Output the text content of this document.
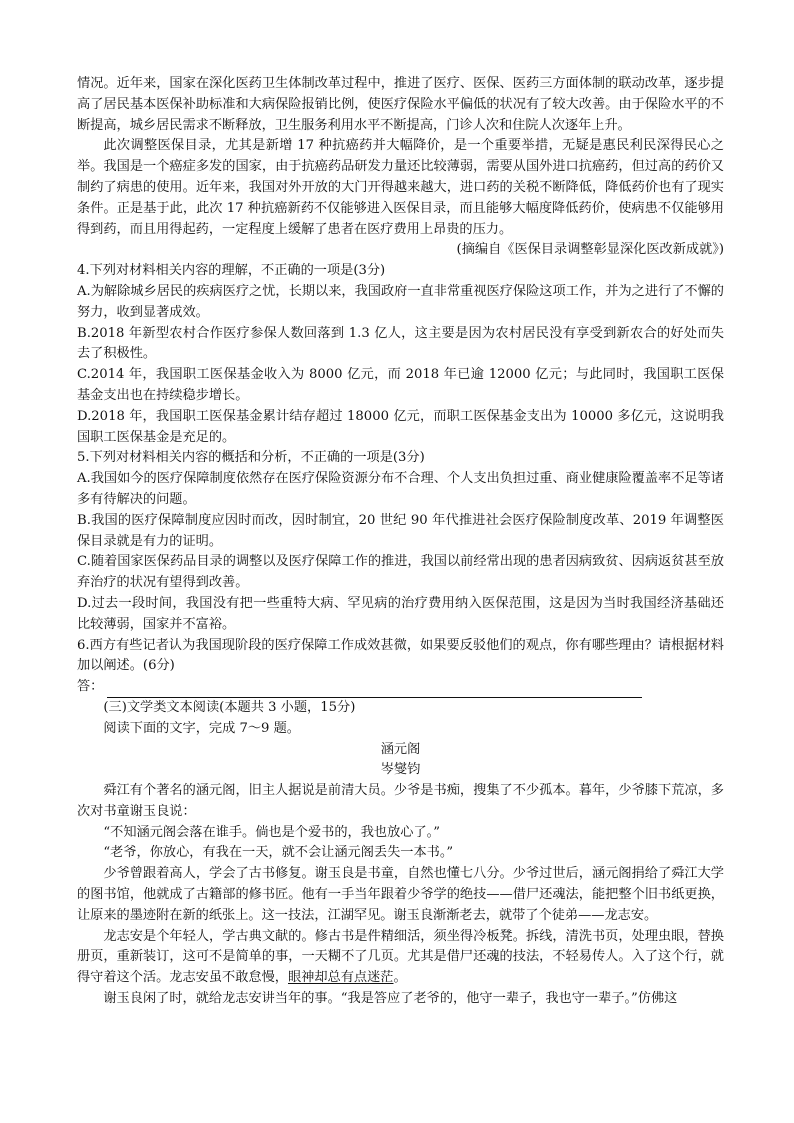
情况。近年来，国家在深化医药卫生体制改革过程中，推进了医疗、医保、医药三方面体制的联动改革，逐步提高了居民基本医保补助标准和大病保险报销比例，使医疗保险水平偏低的状况有了较大改善。由于保险水平的不断提高，城乡居民需求不断释放，卫生服务利用水平不断提高，门诊人次和住院人次逐年上升。

此次调整医保目录，尤其是新增 17 种抗癌药并大幅降价，是一个重要举措，无疑是惠民利民深得民心之举。我国是一个癌症多发的国家，由于抗癌药品研发力量还比较薄弱，需要从国外进口抗癌药，但过高的药价又制约了病患的使用。近年来，我国对外开放的大门开得越来越大，进口药的关税不断降低，降低药价也有了现实条件。正是基于此，此次 17 种抗癌新药不仅能够进入医保目录，而且能够大幅度降低药价，使病患不仅能够用得到药，而且用得起药，一定程度上缓解了患者在医疗费用上昂贵的压力。

(摘编自《医保目录调整彰显深化医改新成就》)

4.下列对材料相关内容的理解，不正确的一项是(3分)

A.为解除城乡居民的疾病医疗之忧，长期以来，我国政府一直非常重视医疗保险这项工作，并为之进行了不懈的努力，收到显著成效。

B.2018 年新型农村合作医疗参保人数回落到 1.3 亿人，这主要是因为农村居民没有享受到新农合的好处而失去了积极性。

C.2014 年，我国职工医保基金收入为 8000 亿元，而 2018 年已逾 12000 亿元；与此同时，我国职工医保基金支出也在持续稳步增长。

D.2018 年，我国职工医保基金累计结存超过 18000 亿元，而职工医保基金支出为 10000 多亿元，这说明我国职工医保基金是充足的。

5.下列对材料相关内容的概括和分析，不正确的一项是(3分)

A.我国如今的医疗保障制度依然存在医疗保险资源分布不合理、个人支出负担过重、商业健康险覆盖率不足等诸多有待解决的问题。

B.我国的医疗保障制度应因时而改，因时制宜，20 世纪 90 年代推进社会医疗保险制度改革、2019 年调整医保目录就是有力的证明。

C.随着国家医保药品目录的调整以及医疗保障工作的推进，我国以前经常出现的患者因病致贫、因病返贫甚至放弃治疗的状况有望得到改善。

D.过去一段时间，我国没有把一些重特大病、罕见病的治疗费用纳入医保范围，这是因为当时我国经济基础还比较薄弱，国家并不富裕。

6.西方有些记者认为我国现阶段的医疗保障工作成效甚微，如果要反驳他们的观点，你有哪些理由？请根据材料加以阐述。(6分)

答：

(三)文学类文本阅读(本题共 3 小题，15分)

阅读下面的文字，完成 7～9 题。

涵元阁

岑燮钧

舜江有个著名的涵元阁，旧主人据说是前清大员。少爷是书痴，搜集了不少孤本。暮年，少爷膝下荒凉，多次对书童谢玉良说：

“不知涵元阁会落在谁手。倘也是个爱书的，我也放心了。”

“老爷，你放心，有我在一天，就不会让涵元阁丢失一本书。”

少爷曾跟着高人，学会了古书修复。谢玉良是书童，自然也懂七八分。少爷过世后，涵元阁捐给了舜江大学的图书馆，他就成了古籍部的修书匠。他有一手当年跟着少爷学的绝技——借尸还魂法，能把整个旧书纸更换，让原来的墨迹附在新的纸张上。这一技法，江湖罕见。谢玉良渐渐老去，就带了个徒弟——龙志安。

龙志安是个年轻人，学古典文献的。修古书是件精细活，须坐得冷板凳。拆线，清洗书页，处理虫眼，替换册页，重新装订，这可不是简单的事，一天糊不了几页。尤其是借尸还魂的技法，不轻易传人。入了这个行，就得守着这个活。龙志安虽不敢怠慢，眼神却总有点迷茫。

谢玉良闲了时，就给龙志安讲当年的事。“我是答应了老爷的，他守一辈子，我也守一辈子。”仿佛这
